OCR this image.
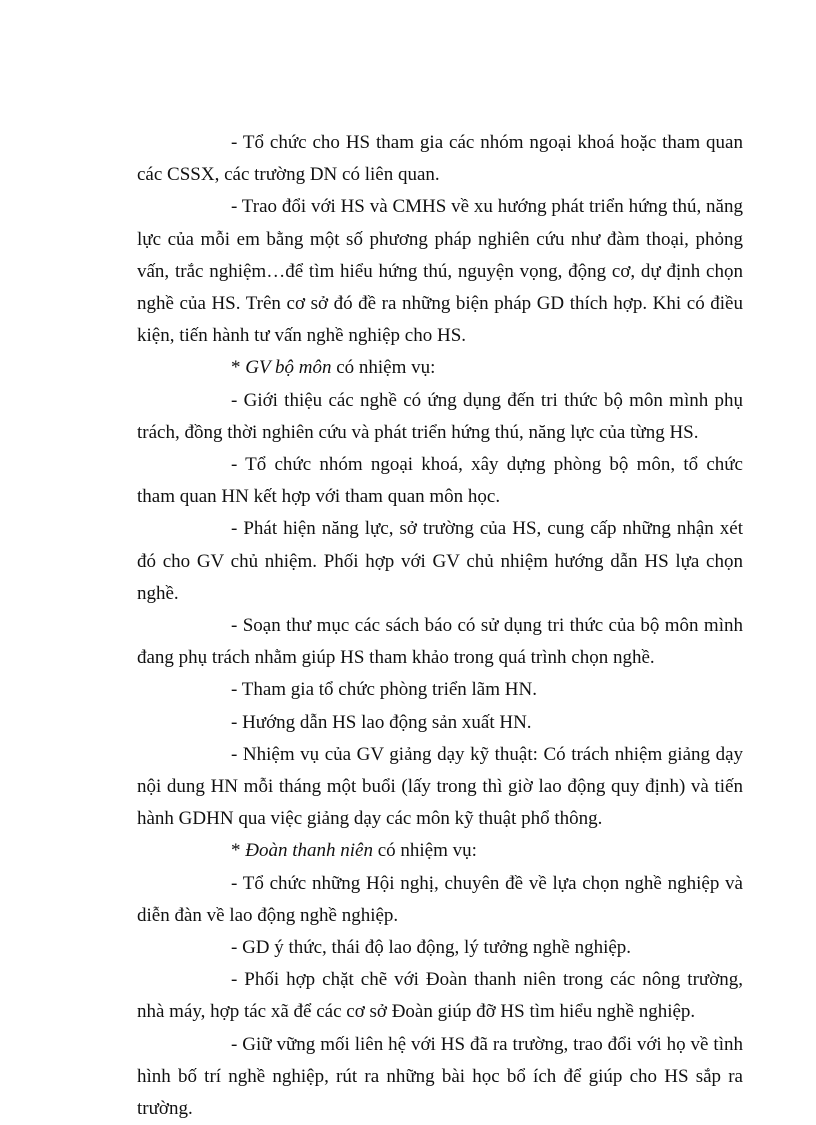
- Tổ chức cho HS tham gia các nhóm ngoại khoá hoặc tham quan các CSSX, các trường DN có liên quan.

- Trao đổi với HS và CMHS về xu hướng phát triển hứng thú, năng lực của mỗi em bằng một số phương pháp nghiên cứu như đàm thoại, phỏng vấn, trắc nghiệm…để tìm hiểu hứng thú, nguyện vọng, động cơ, dự định chọn nghề của HS. Trên cơ sở đó đề ra những biện pháp GD thích hợp. Khi có điều kiện, tiến hành tư vấn nghề nghiệp cho HS.

* GV bộ môn có nhiệm vụ:

- Giới thiệu các nghề có ứng dụng đến tri thức bộ môn mình phụ trách, đồng thời nghiên cứu và phát triển hứng thú, năng lực của từng HS.

- Tổ chức nhóm ngoại khoá, xây dựng phòng bộ môn, tổ chức tham quan HN kết hợp với tham quan môn học.

- Phát hiện năng lực, sở trường của HS, cung cấp những nhận xét đó cho GV chủ nhiệm. Phối hợp với GV chủ nhiệm hướng dẫn HS lựa chọn nghề.

- Soạn thư mục các sách báo có sử dụng tri thức của bộ môn mình đang phụ trách nhằm giúp HS tham khảo trong quá trình chọn nghề.

- Tham gia tổ chức phòng triển lãm HN.

- Hướng dẫn HS lao động sản xuất HN.

- Nhiệm vụ của GV giảng dạy kỹ thuật: Có trách nhiệm giảng dạy nội dung HN mỗi tháng một buổi (lấy trong thì giờ lao động quy định) và tiến hành GDHN qua việc giảng dạy các môn kỹ thuật phổ thông.

* Đoàn thanh niên có nhiệm vụ:

- Tổ chức những Hội nghị, chuyên đề về lựa chọn nghề nghiệp và diễn đàn về lao động nghề nghiệp.

- GD ý thức, thái độ lao động, lý tưởng nghề nghiệp.

- Phối hợp chặt chẽ với Đoàn thanh niên trong các nông trường, nhà máy, hợp tác xã để các cơ sở Đoàn giúp đỡ HS tìm hiểu nghề nghiệp.

- Giữ vững mối liên hệ với HS đã ra trường, trao đổi với họ về tình hình bố trí nghề nghiệp, rút ra những bài học bổ ích để giúp cho HS sắp ra trường.
